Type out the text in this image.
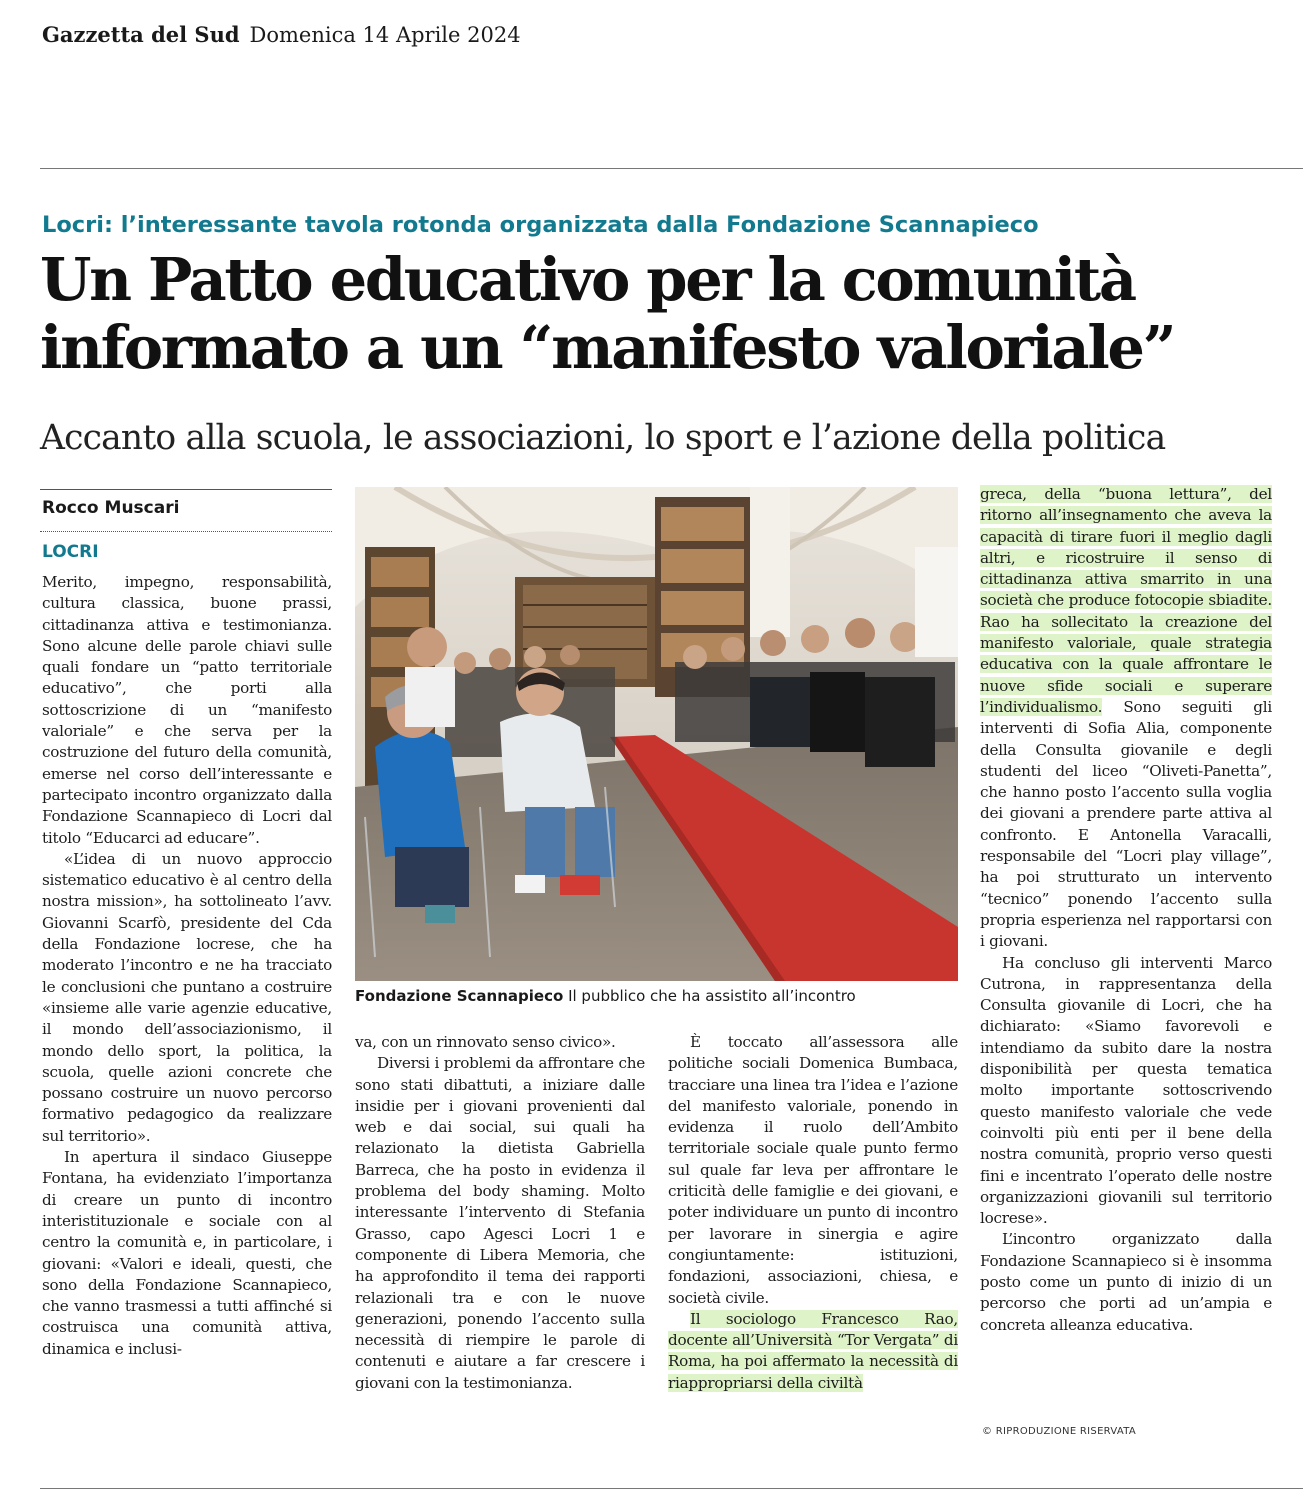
Gazzetta del Sud Domenica 14 Aprile 2024
Locri: l’interessante tavola rotonda organizzata dalla Fondazione Scannapieco
Un Patto educativo per la comunità
informato a un “manifesto valoriale”
Accanto alla scuola, le associazioni, lo sport e l’azione della politica
Rocco Muscari
LOCRI

Merito, impegno, responsabilità, cultura classica, buone prassi, cittadinanza attiva e testimonianza. Sono alcune delle parole chiavi sulle quali fondare un “patto territoriale educativo”, che porti alla sottoscrizione di un “manifesto valoriale” e che serva per la costruzione del futuro della comunità, emerse nel corso dell’interessante e partecipato incontro organizzato dalla Fondazione Scannapieco di Locri dal titolo “Educarci ad educare”.

«L’idea di un nuovo approccio sistematico educativo è al centro della nostra mission», ha sottolineato l’avv. Giovanni Scarfò, presidente del Cda della Fondazione locrese, che ha moderato l’incontro e ne ha tracciato le conclusioni che puntano a costruire «insieme alle varie agenzie educative, il mondo dell’associazionismo, il mondo dello sport, la politica, la scuola, quelle azioni concrete che possano costruire un nuovo percorso formativo pedagogico da realizzare sul territorio».

In apertura il sindaco Giuseppe Fontana, ha evidenziato l’importanza di creare un punto di incontro interistituzionale e sociale con al centro la comunità e, in particolare, i giovani: «Valori e ideali, questi, che sono della Fondazione Scannapieco, che vanno trasmessi a tutti affinché si costruisca una comunità attiva, dinamica e inclusi-

Fondazione Scannapieco Il pubblico che ha assistito all’incontro

va, con un rinnovato senso civico».

Diversi i problemi da affrontare che sono stati dibattuti, a iniziare dalle insidie per i giovani provenienti dal web e dai social, sui quali ha relazionato la dietista Gabriella Barreca, che ha posto in evidenza il problema del body shaming. Molto interessante l’intervento di Stefania Grasso, capo Agesci Locri 1 e componente di Libera Memoria, che ha approfondito il tema dei rapporti relazionali tra e con le nuove generazioni, ponendo l’accento sulla necessità di riempire le parole di contenuti e aiutare a far crescere i giovani con la testimonianza.

È toccato all’assessora alle politiche sociali Domenica Bumbaca, tracciare una linea tra l’idea e l’azione del manifesto valoriale, ponendo in evidenza il ruolo dell’Ambito territoriale sociale quale punto fermo sul quale far leva per affrontare le criticità delle famiglie e dei giovani, e poter individuare un punto di incontro per lavorare in sinergia e agire congiuntamente: istituzioni, fondazioni, associazioni, chiesa, e società civile.

Il sociologo Francesco Rao, docente all’Università “Tor Vergata” di Roma, ha poi affermato la necessità di riappropriarsi della civiltà

greca, della “buona lettura”, del ritorno all’insegnamento che aveva la capacità di tirare fuori il meglio dagli altri, e ricostruire il senso di cittadinanza attiva smarrito in una società che produce fotocopie sbiadite. Rao ha sollecitato la creazione del manifesto valoriale, quale strategia educativa con la quale affrontare le nuove sfide sociali e superare l’individualismo. Sono seguiti gli interventi di Sofia Alia, componente della Consulta giovanile e degli studenti del liceo “Oliveti-Panetta”, che hanno posto l’accento sulla voglia dei giovani a prendere parte attiva al confronto. E Antonella Varacalli, responsabile del “Locri play village”, ha poi strutturato un intervento “tecnico” ponendo l’accento sulla propria esperienza nel rapportarsi con i giovani.

Ha concluso gli interventi Marco Cutrona, in rappresentanza della Consulta giovanile di Locri, che ha dichiarato: «Siamo favorevoli e intendiamo da subito dare la nostra disponibilità per questa tematica molto importante sottoscrivendo questo manifesto valoriale che vede coinvolti più enti per il bene della nostra comunità, proprio verso questi fini e incentrato l’operato delle nostre organizzazioni giovanili sul territorio locrese».

L’incontro organizzato dalla Fondazione Scannapieco si è insomma posto come un punto di inizio di un percorso che porti ad un’ampia e concreta alleanza educativa.

© RIPRODUZIONE RISERVATA
